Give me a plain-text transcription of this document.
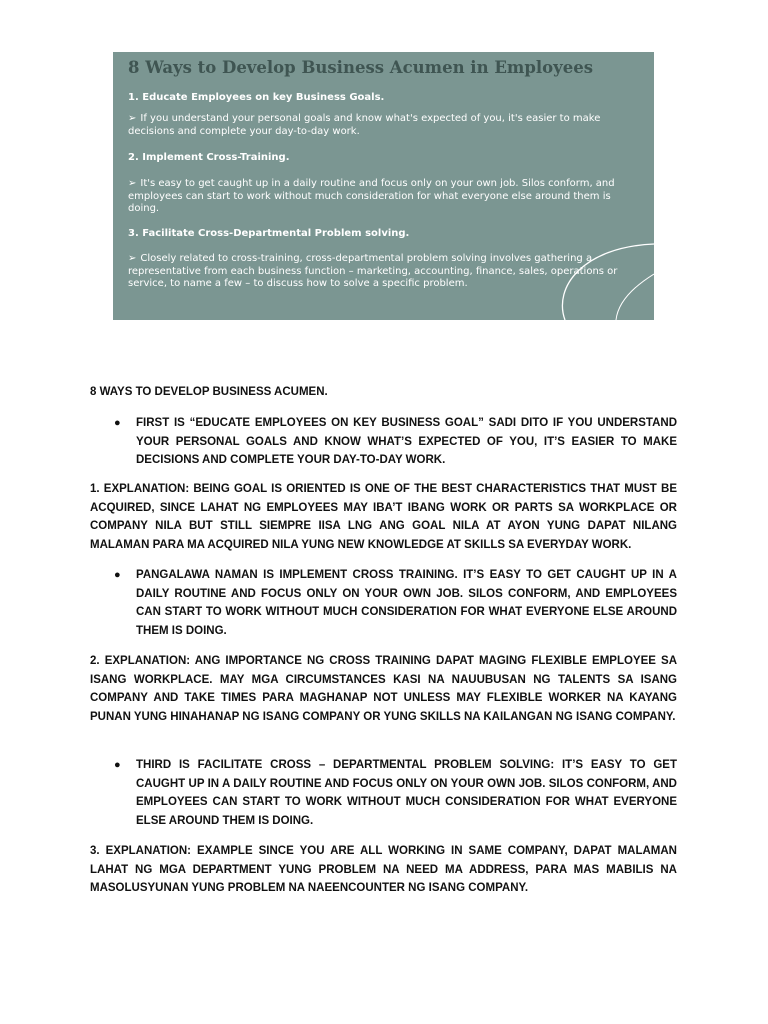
8 Ways to Develop Business Acumen in Employees
1. Educate Employees on key Business Goals.
➢ If you understand your personal goals and know what's expected of you, it's easier to make decisions and complete your day-to-day work.
2. Implement Cross-Training.
➢ It's easy to get caught up in a daily routine and focus only on your own job. Silos conform, and employees can start to work without much consideration for what everyone else around them is doing.
3. Facilitate Cross-Departmental Problem solving.
➢ Closely related to cross-training, cross-departmental problem solving involves gathering a representative from each business function – marketing, accounting, finance, sales, operations or service, to name a few – to discuss how to solve a specific problem.
8 WAYS TO DEVELOP BUSINESS ACUMEN.
● FIRST IS “EDUCATE EMPLOYEES ON KEY BUSINESS GOAL” SADI DITO IF YOU UNDERSTAND YOUR PERSONAL GOALS AND KNOW WHAT’S EXPECTED OF YOU, IT’S EASIER TO MAKE DECISIONS AND COMPLETE YOUR DAY-TO-DAY WORK.
1. EXPLANATION: BEING GOAL IS ORIENTED IS ONE OF THE BEST CHARACTERISTICS THAT MUST BE ACQUIRED, SINCE LAHAT NG EMPLOYEES MAY IBA’T IBANG WORK OR PARTS SA WORKPLACE OR COMPANY NILA BUT STILL SIEMPRE IISA LNG ANG GOAL NILA AT AYON YUNG DAPAT NILANG MALAMAN PARA MA ACQUIRED NILA YUNG NEW KNOWLEDGE AT SKILLS SA EVERYDAY WORK.
● PANGALAWA NAMAN IS IMPLEMENT CROSS TRAINING. IT’S EASY TO GET CAUGHT UP IN A DAILY ROUTINE AND FOCUS ONLY ON YOUR OWN JOB. SILOS CONFORM, AND EMPLOYEES CAN START TO WORK WITHOUT MUCH CONSIDERATION FOR WHAT EVERYONE ELSE AROUND THEM IS DOING.
2. EXPLANATION: ANG IMPORTANCE NG CROSS TRAINING DAPAT MAGING FLEXIBLE EMPLOYEE SA ISANG WORKPLACE. MAY MGA CIRCUMSTANCES KASI NA NAUUBUSAN NG TALENTS SA ISANG COMPANY AND TAKE TIMES PARA MAGHANAP NOT UNLESS MAY FLEXIBLE WORKER NA KAYANG PUNAN YUNG HINAHANAP NG ISANG COMPANY OR YUNG SKILLS NA KAILANGAN NG ISANG COMPANY.
● THIRD IS FACILITATE CROSS – DEPARTMENTAL PROBLEM SOLVING: IT’S EASY TO GET CAUGHT UP IN A DAILY ROUTINE AND FOCUS ONLY ON YOUR OWN JOB. SILOS CONFORM, AND EMPLOYEES CAN START TO WORK WITHOUT MUCH CONSIDERATION FOR WHAT EVERYONE ELSE AROUND THEM IS DOING.
3. EXPLANATION: EXAMPLE SINCE YOU ARE ALL WORKING IN SAME COMPANY, DAPAT MALAMAN LAHAT NG MGA DEPARTMENT YUNG PROBLEM NA NEED MA ADDRESS, PARA MAS MABILIS NA MASOLUSYUNAN YUNG PROBLEM NA NAEENCOUNTER NG ISANG COMPANY.
